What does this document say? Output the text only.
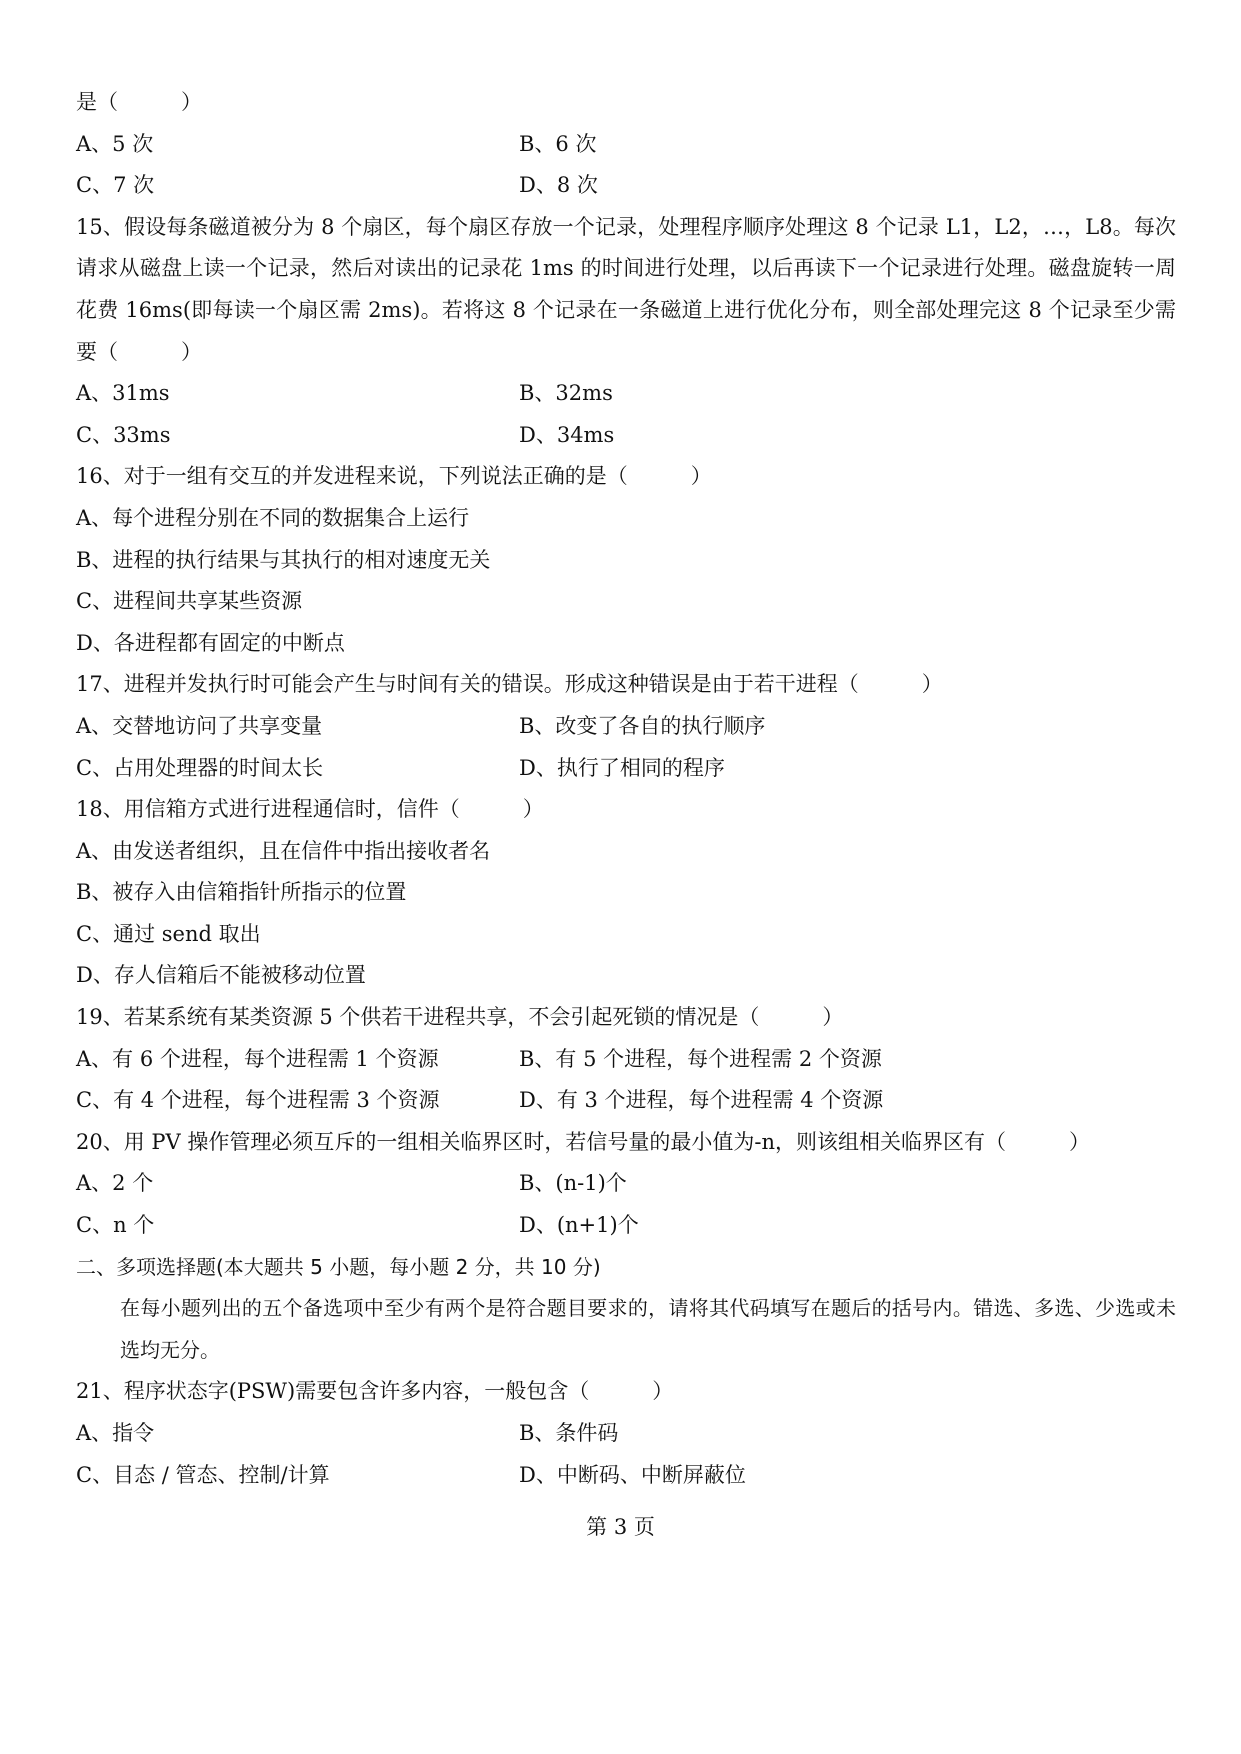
是（　　　）
A、5 次	B、6 次
C、7 次	D、8 次
15、假设每条磁道被分为 8 个扇区，每个扇区存放一个记录，处理程序顺序处理这 8 个记录 L1，L2，…，L8。每次请求从磁盘上读一个记录，然后对读出的记录花 1ms 的时间进行处理，以后再读下一个记录进行处理。磁盘旋转一周花费 16ms(即每读一个扇区需 2ms)。若将这 8 个记录在一条磁道上进行优化分布，则全部处理完这 8 个记录至少需要（　　　）
A、31ms	B、32ms
C、33ms	D、34ms
16、对于一组有交互的并发进程来说，下列说法正确的是（　　　）
A、每个进程分别在不同的数据集合上运行
B、进程的执行结果与其执行的相对速度无关
C、进程间共享某些资源
D、各进程都有固定的中断点
17、进程并发执行时可能会产生与时间有关的错误。形成这种错误是由于若干进程（　　　）
A、交替地访问了共享变量	B、改变了各自的执行顺序
C、占用处理器的时间太长	D、执行了相同的程序
18、用信箱方式进行进程通信时，信件（　　　）
A、由发送者组织，且在信件中指出接收者名
B、被存入由信箱指针所指示的位置
C、通过 send 取出
D、存人信箱后不能被移动位置
19、若某系统有某类资源 5 个供若干进程共享，不会引起死锁的情况是（　　　）
A、有 6 个进程，每个进程需 1 个资源	B、有 5 个进程，每个进程需 2 个资源
C、有 4 个进程，每个进程需 3 个资源	D、有 3 个进程，每个进程需 4 个资源
20、用 PV 操作管理必须互斥的一组相关临界区时，若信号量的最小值为-n，则该组相关临界区有（　　　）
A、2 个	B、(n-1)个
C、n 个	D、(n+1)个
二、多项选择题(本大题共 5 小题，每小题 2 分，共 10 分)
在每小题列出的五个备选项中至少有两个是符合题目要求的，请将其代码填写在题后的括号内。错选、多选、少选或未选均无分。
21、程序状态字(PSW)需要包含许多内容，一般包含（　　　）
A、指令	B、条件码
C、目态 / 管态、控制/计算	D、中断码、中断屏蔽位
第 3 页
